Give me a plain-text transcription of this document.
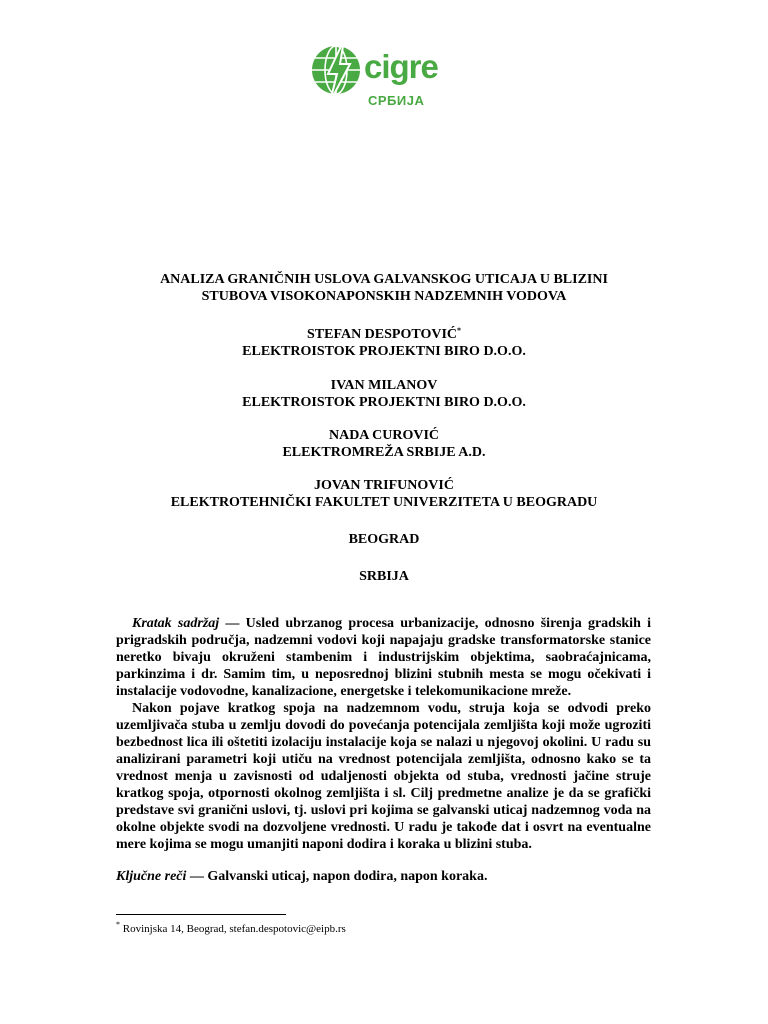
cigre
СРБИЈА
ANALIZA GRANIČNIH USLOVA GALVANSKOG UTICAJA U BLIZINI
STUBOVA VISOKONAPONSKIH NADZEMNIH VODOVA
STEFAN DESPOTOVIĆ*
ELEKTROISTOK PROJEKTNI BIRO D.O.O.
IVAN MILANOV
ELEKTROISTOK PROJEKTNI BIRO D.O.O.
NADA CUROVIĆ
ELEKTROMREŽA SRBIJE A.D.
JOVAN TRIFUNOVIĆ
ELEKTROTEHNIČKI FAKULTET UNIVERZITETA U BEOGRADU
BEOGRAD
SRBIJA

Kratak sadržaj — Usled ubrzanog procesa urbanizacije, odnosno širenja gradskih i prigradskih područja, nadzemni vodovi koji napajaju gradske transformatorske stanice neretko bivaju okruženi stambenim i industrijskim objektima, saobraćajnicama, parkinzima i dr. Samim tim, u neposrednoj blizini stubnih mesta se mogu očekivati i instalacije vodovodne, kanalizacione, energetske i telekomunikacione mreže.

Nakon pojave kratkog spoja na nadzemnom vodu, struja koja se odvodi preko uzemljivača stuba u zemlju dovodi do povećanja potencijala zemljišta koji može ugroziti bezbednost lica ili oštetiti izolaciju instalacije koja se nalazi u njegovoj okolini. U radu su analizirani parametri koji utiču na vrednost potencijala zemljišta, odnosno kako se ta vrednost menja u zavisnosti od udaljenosti objekta od stuba, vrednosti jačine struje kratkog spoja, otpornosti okolnog zemljišta i sl. Cilj predmetne analize je da se grafički predstave svi granični uslovi, tj. uslovi pri kojima se galvanski uticaj nadzemnog voda na okolne objekte svodi na dozvoljene vrednosti. U radu je takođe dat i osvrt na eventualne mere kojima se mogu umanjiti naponi dodira i koraka u blizini stuba.

Ključne reči — Galvanski uticaj, napon dodira, napon koraka.
* Rovinjska 14, Beograd, stefan.despotovic@eipb.rs
